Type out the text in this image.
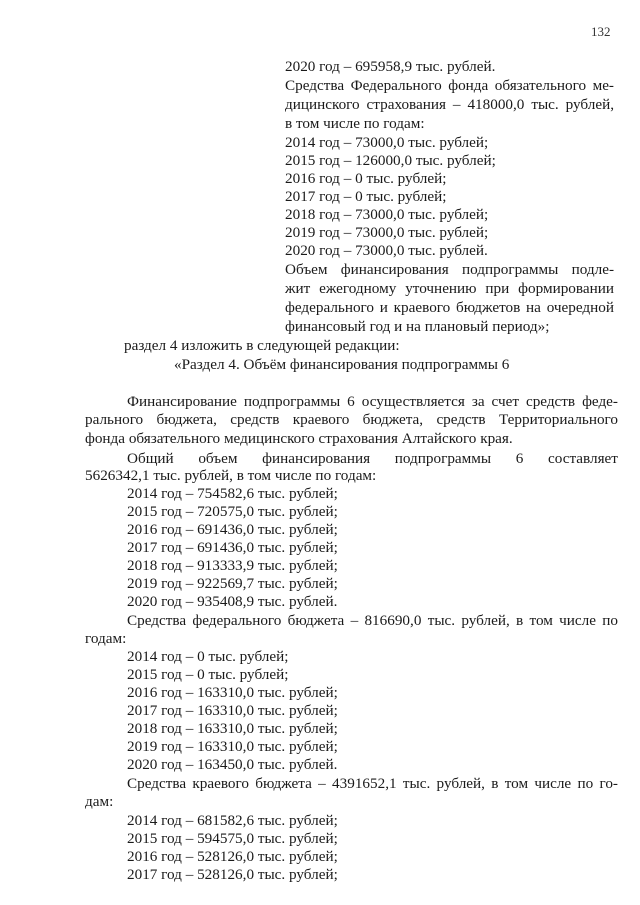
132
2020 год – 695958,9 тыс. рублей.
Средства Федерального фонда обязательного ме-
дицинского страхования – 418000,0 тыс. рублей,
в том числе по годам:
2014 год – 73000,0 тыс. рублей;
2015 год – 126000,0 тыс. рублей;
2016 год – 0 тыс. рублей;
2017 год – 0 тыс. рублей;
2018 год – 73000,0 тыс. рублей;
2019 год – 73000,0 тыс. рублей;
2020 год – 73000,0 тыс. рублей.
Объем финансирования подпрограммы подле-
жит ежегодному уточнению при формировании
федерального и краевого бюджетов на очередной
финансовый год и на плановый период»;
раздел 4 изложить в следующей редакции:
«Раздел 4. Объём финансирования подпрограммы 6
Финансирование подпрограммы 6 осуществляется за счет средств феде-
рального бюджета, средств краевого бюджета, средств Территориального
фонда обязательного медицинского страхования Алтайского края.
Общий объем финансирования подпрограммы 6 составляет
5626342,1 тыс. рублей, в том числе по годам:
2014 год – 754582,6 тыс. рублей;
2015 год – 720575,0 тыс. рублей;
2016 год – 691436,0 тыс. рублей;
2017 год – 691436,0 тыс. рублей;
2018 год – 913333,9 тыс. рублей;
2019 год – 922569,7 тыс. рублей;
2020 год – 935408,9 тыс. рублей.
Средства федерального бюджета – 816690,0 тыс. рублей, в том числе по
годам:
2014 год – 0 тыс. рублей;
2015 год – 0 тыс. рублей;
2016 год – 163310,0 тыс. рублей;
2017 год – 163310,0 тыс. рублей;
2018 год – 163310,0 тыс. рублей;
2019 год – 163310,0 тыс. рублей;
2020 год – 163450,0 тыс. рублей.
Средства краевого бюджета – 4391652,1 тыс. рублей, в том числе по го-
дам:
2014 год – 681582,6 тыс. рублей;
2015 год – 594575,0 тыс. рублей;
2016 год – 528126,0 тыс. рублей;
2017 год – 528126,0 тыс. рублей;
